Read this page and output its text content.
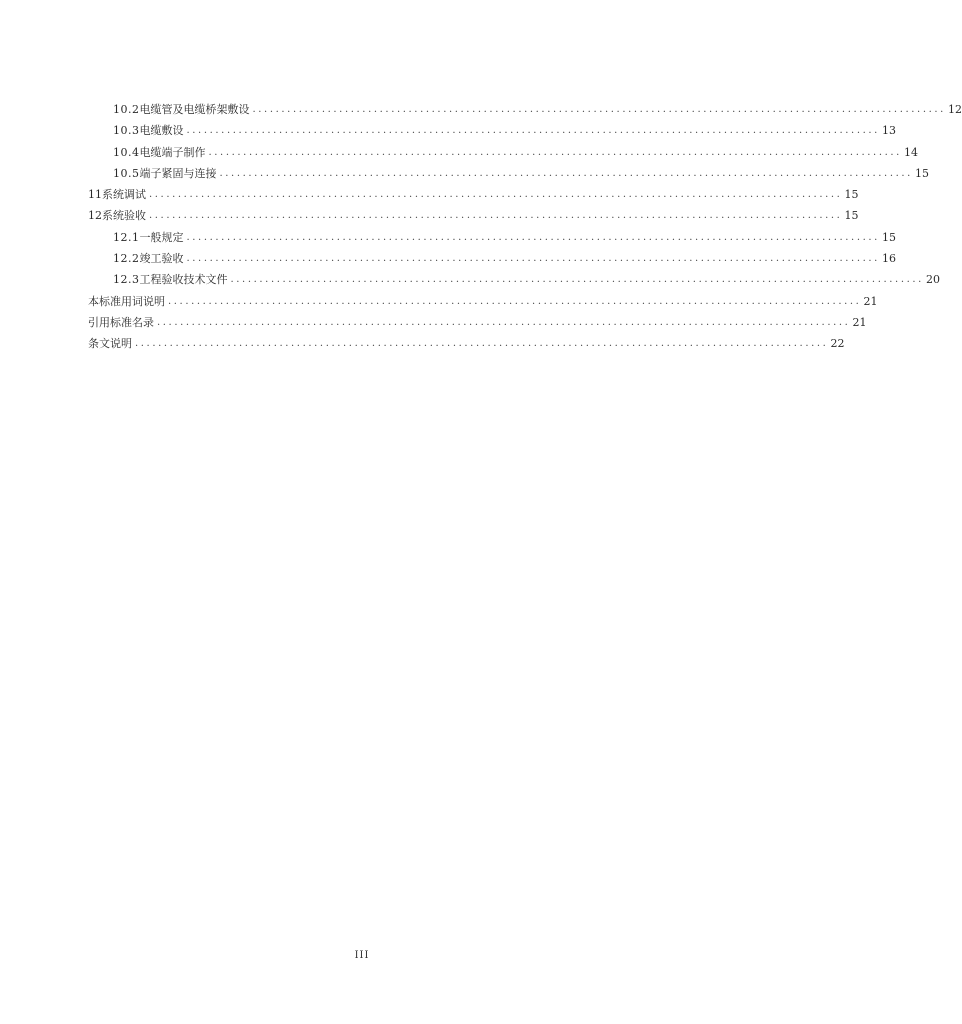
10.2 电缆管及电缆桥架敷设 ........................................................................................................................ 12
10.3 电缆敷设 ........................................................................................................................ 13
10.4 电缆端子制作 ........................................................................................................................ 14
10.5 端子紧固与连接 ........................................................................................................................ 15
11 系统调试 ........................................................................................................................ 15
12 系统验收 ........................................................................................................................ 15
12.1 一般规定 ........................................................................................................................ 15
12.2 竣工验收 ........................................................................................................................ 16
12.3 工程验收技术文件 ........................................................................................................................ 20
本标准用词说明 ........................................................................................................................ 21
引用标准名录 ........................................................................................................................ 21
条文说明 ........................................................................................................................ 22
III
